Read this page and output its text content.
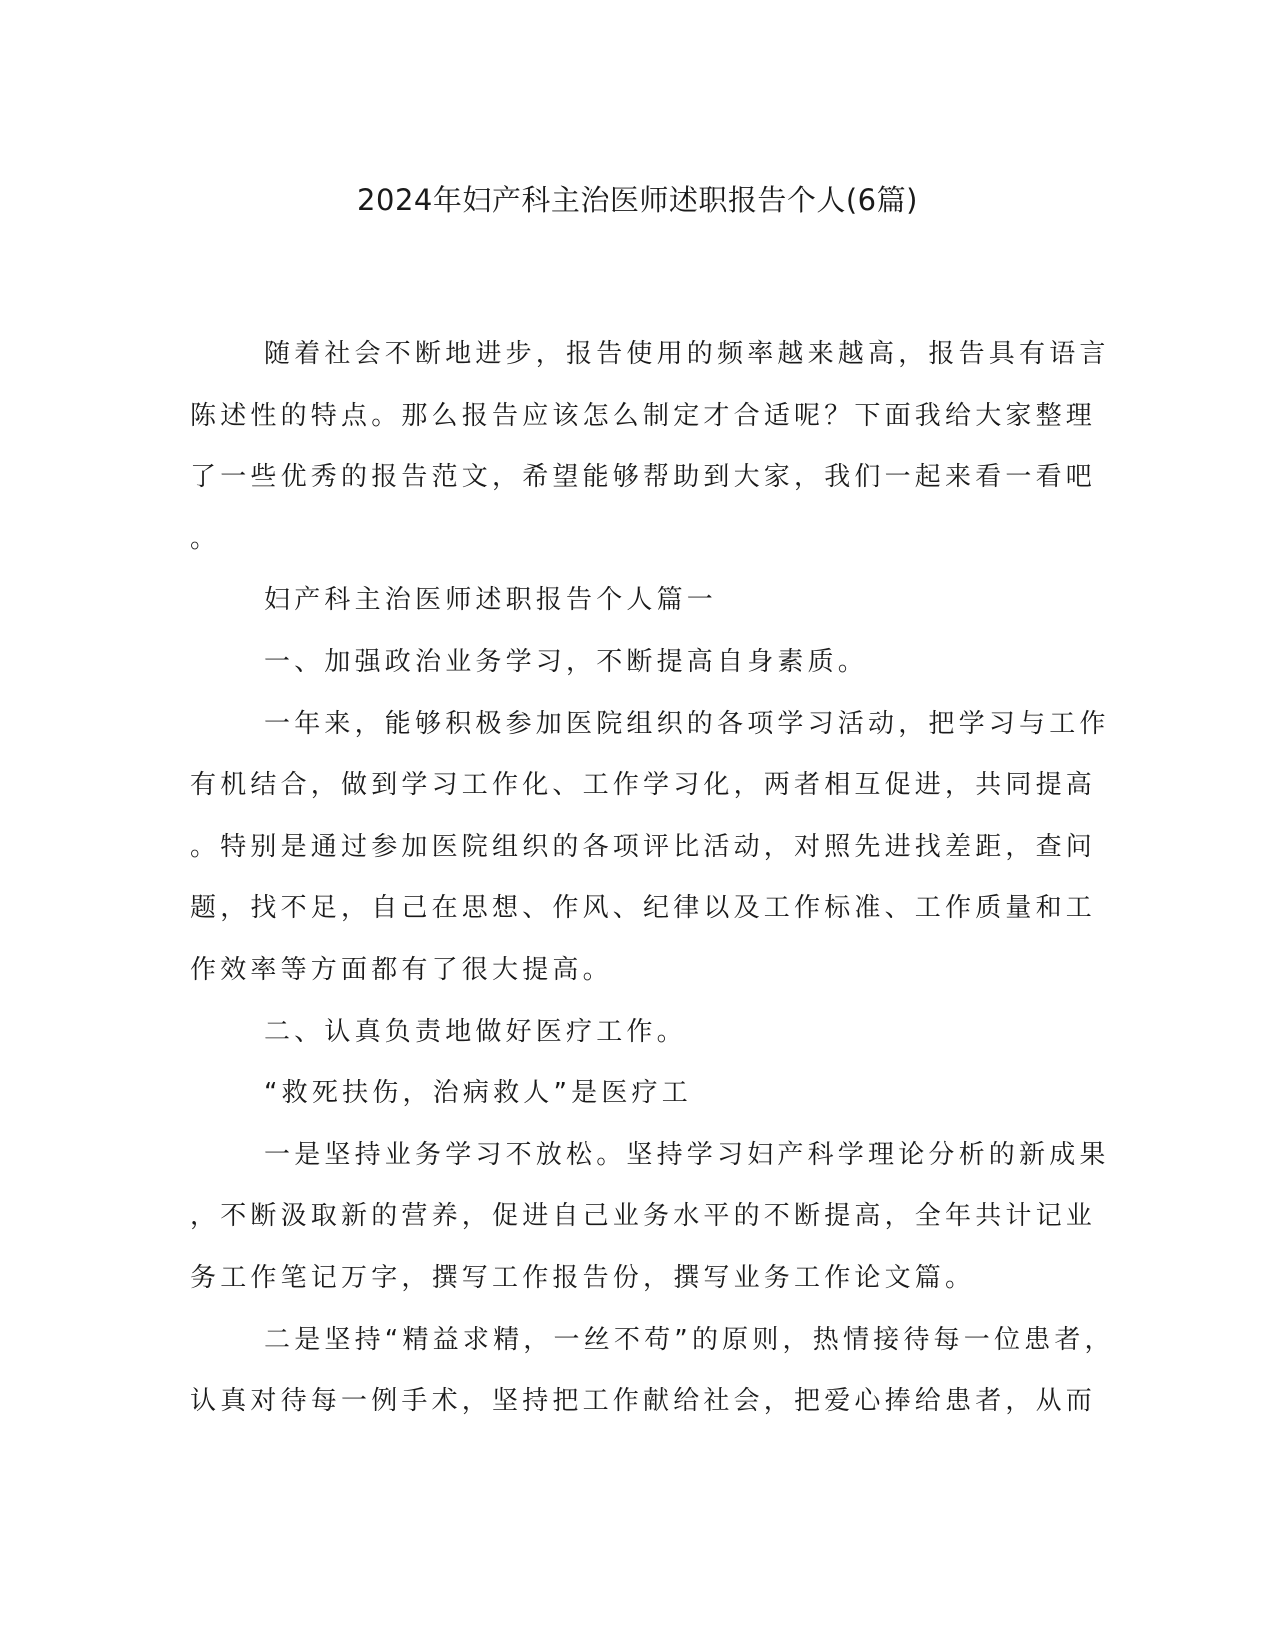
2024年妇产科主治医师述职报告个人(6篇)

随着社会不断地进步，报告使用的频率越来越高，报告具有语言

陈述性的特点。那么报告应该怎么制定才合适呢？下面我给大家整理

了一些优秀的报告范文，希望能够帮助到大家，我们一起来看一看吧

。

妇产科主治医师述职报告个人篇一

一、加强政治业务学习，不断提高自身素质。

一年来，能够积极参加医院组织的各项学习活动，把学习与工作

有机结合，做到学习工作化、工作学习化，两者相互促进，共同提高

。特别是通过参加医院组织的各项评比活动，对照先进找差距，查问

题，找不足，自己在思想、作风、纪律以及工作标准、工作质量和工

作效率等方面都有了很大提高。

二、认真负责地做好医疗工作。

“救死扶伤，治病救人”是医疗工

一是坚持业务学习不放松。坚持学习妇产科学理论分析的新成果

，不断汲取新的营养，促进自己业务水平的不断提高，全年共计记业

务工作笔记万字，撰写工作报告份，撰写业务工作论文篇。

二是坚持“精益求精，一丝不苟”的原则，热情接待每一位患者，

认真对待每一例手术，坚持把工作献给社会，把爱心捧给患者，从而
